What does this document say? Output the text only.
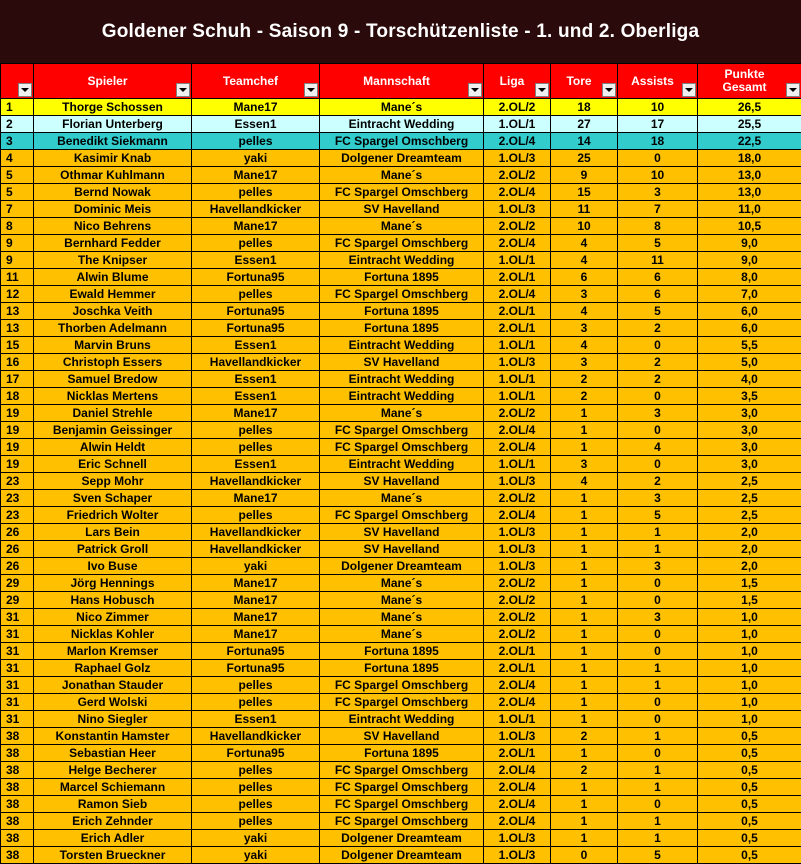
Goldener Schuh - Saison 9 - Torschützenliste - 1. und 2. Oberliga
	Spieler	Teamchef	Mannschaft	Liga	Tore	Assists	Punkte
Gesamt

1	Thorge Schossen	Mane17	Mane´s	2.OL/2	18	10	26,5
2	Florian Unterberg	Essen1	Eintracht Wedding	1.OL/1	27	17	25,5
3	Benedikt Siekmann	pelles	FC Spargel Omschberg	2.OL/4	14	18	22,5
4	Kasimir Knab	yaki	Dolgener Dreamteam	1.OL/3	25	0	18,0
5	Othmar Kuhlmann	Mane17	Mane´s	2.OL/2	9	10	13,0
5	Bernd Nowak	pelles	FC Spargel Omschberg	2.OL/4	15	3	13,0
7	Dominic Meis	Havellandkicker	SV Havelland	1.OL/3	11	7	11,0
8	Nico Behrens	Mane17	Mane´s	2.OL/2	10	8	10,5
9	Bernhard Fedder	pelles	FC Spargel Omschberg	2.OL/4	4	5	9,0
9	The Knipser	Essen1	Eintracht Wedding	1.OL/1	4	11	9,0
11	Alwin Blume	Fortuna95	Fortuna 1895	2.OL/1	6	6	8,0
12	Ewald Hemmer	pelles	FC Spargel Omschberg	2.OL/4	3	6	7,0
13	Joschka Veith	Fortuna95	Fortuna 1895	2.OL/1	4	5	6,0
13	Thorben Adelmann	Fortuna95	Fortuna 1895	2.OL/1	3	2	6,0
15	Marvin Bruns	Essen1	Eintracht Wedding	1.OL/1	4	0	5,5
16	Christoph Essers	Havellandkicker	SV Havelland	1.OL/3	3	2	5,0
17	Samuel Bredow	Essen1	Eintracht Wedding	1.OL/1	2	2	4,0
18	Nicklas Mertens	Essen1	Eintracht Wedding	1.OL/1	2	0	3,5
19	Daniel Strehle	Mane17	Mane´s	2.OL/2	1	3	3,0
19	Benjamin Geissinger	pelles	FC Spargel Omschberg	2.OL/4	1	0	3,0
19	Alwin Heldt	pelles	FC Spargel Omschberg	2.OL/4	1	4	3,0
19	Eric Schnell	Essen1	Eintracht Wedding	1.OL/1	3	0	3,0
23	Sepp Mohr	Havellandkicker	SV Havelland	1.OL/3	4	2	2,5
23	Sven Schaper	Mane17	Mane´s	2.OL/2	1	3	2,5
23	Friedrich Wolter	pelles	FC Spargel Omschberg	2.OL/4	1	5	2,5
26	Lars Bein	Havellandkicker	SV Havelland	1.OL/3	1	1	2,0
26	Patrick Groll	Havellandkicker	SV Havelland	1.OL/3	1	1	2,0
26	Ivo Buse	yaki	Dolgener Dreamteam	1.OL/3	1	3	2,0
29	Jörg Hennings	Mane17	Mane´s	2.OL/2	1	0	1,5
29	Hans Hobusch	Mane17	Mane´s	2.OL/2	1	0	1,5
31	Nico Zimmer	Mane17	Mane´s	2.OL/2	1	3	1,0
31	Nicklas Kohler	Mane17	Mane´s	2.OL/2	1	0	1,0
31	Marlon Kremser	Fortuna95	Fortuna 1895	2.OL/1	1	0	1,0
31	Raphael Golz	Fortuna95	Fortuna 1895	2.OL/1	1	1	1,0
31	Jonathan Stauder	pelles	FC Spargel Omschberg	2.OL/4	1	1	1,0
31	Gerd Wolski	pelles	FC Spargel Omschberg	2.OL/4	1	0	1,0
31	Nino Siegler	Essen1	Eintracht Wedding	1.OL/1	1	0	1,0
38	Konstantin Hamster	Havellandkicker	SV Havelland	1.OL/3	2	1	0,5
38	Sebastian Heer	Fortuna95	Fortuna 1895	2.OL/1	1	0	0,5
38	Helge Becherer	pelles	FC Spargel Omschberg	2.OL/4	2	1	0,5
38	Marcel Schiemann	pelles	FC Spargel Omschberg	2.OL/4	1	1	0,5
38	Ramon Sieb	pelles	FC Spargel Omschberg	2.OL/4	1	0	0,5
38	Erich Zehnder	pelles	FC Spargel Omschberg	2.OL/4	1	1	0,5
38	Erich Adler	yaki	Dolgener Dreamteam	1.OL/3	1	1	0,5
38	Torsten Brueckner	yaki	Dolgener Dreamteam	1.OL/3	0	5	0,5
